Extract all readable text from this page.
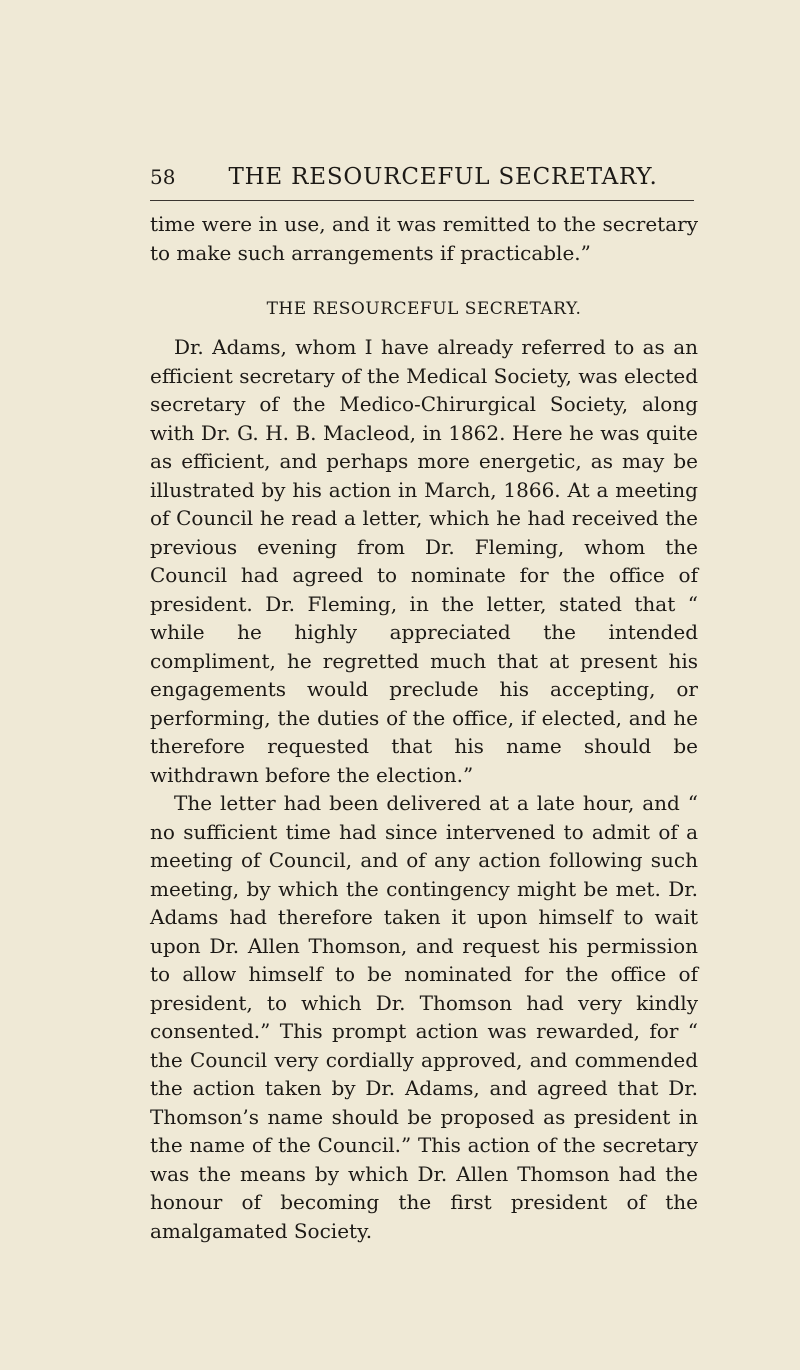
58	THE RESOURCEFUL SECRETARY.

time were in use, and it was remitted to the secretary to make such arrangements if practicable.”

THE RESOURCEFUL SECRETARY.

Dr. Adams, whom I have already referred to as an efficient secretary of the Medical Society, was elected secretary of the Medico-Chirurgical Society, along with Dr. G. H. B. Macleod, in 1862. Here he was quite as efficient, and perhaps more energetic, as may be illustrated by his action in March, 1866. At a meeting of Council he read a letter, which he had received the previous evening from Dr. Fleming, whom the Council had agreed to nominate for the office of president. Dr. Fleming, in the letter, stated that “ while he highly appreciated the intended compliment, he regretted much that at present his engagements would preclude his accepting, or performing, the duties of the office, if elected, and he therefore requested that his name should be withdrawn before the election.”

The letter had been delivered at a late hour, and “ no sufficient time had since intervened to admit of a meeting of Council, and of any action following such meeting, by which the contingency might be met. Dr. Adams had therefore taken it upon himself to wait upon Dr. Allen Thomson, and request his permission to allow himself to be nominated for the office of president, to which Dr. Thomson had very kindly consented.” This prompt action was rewarded, for “ the Council very cordially approved, and commended the action taken by Dr. Adams, and agreed that Dr. Thomson’s name should be proposed as president in the name of the Council.” This action of the secretary was the means by which Dr. Allen Thomson had the honour of becoming the first president of the amalgamated Society.
